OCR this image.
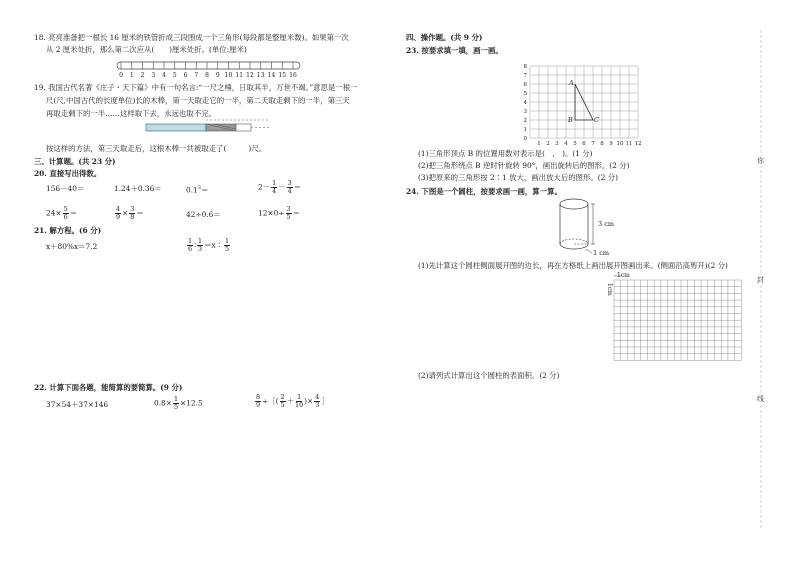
18. 亮亮准备把一根长 16 厘米的铁管折成三段围成一个三角形(每段都是整厘米数)。如果第一次
从 2 厘米处折，那么第二次应从(　　)厘米处折。(单位:厘米)
0 1 2 3 4 5 6 7 8 9 10 11 12 13 14 15 16
19. 我国古代名著《庄子・天下篇》中有一句名言:“一尺之棰，日取其半，万世不竭。”意思是一根一
尺(尺,中国古代的长度单位)长的木棒，第一天取走它的一半，第二天取走剩下的一半，第三天
再取走剩下的一半……这样取下去，永远也取不完。
按这样的方法，第三天取走后，这根木棒一共被取走了(　　　)尺。
三、计算题。(共 23 分)
20. 直接写出得数。
156－40＝	1.24＋0.36＝	$0.1^3=$	$2- \frac{1}{4} - \frac{3}{4}$ ＝
$24\times \frac{5}{6}$ ＝	$\frac{4}{9} \times \frac{3}{8}$ ＝	42÷0.6＝	$12\times 0\div \frac{3}{5}$ ＝
21. 解方程。(6 分)
x＋80%x＝7.2	$\frac{1}{6}$ ∶ $\frac{1}{3}$ ＝x∶ $\frac{1}{5}$
22. 计算下面各题，能简算的要简算。(9 分)
37×54＋37×146	$0.8\times \frac{1}{5} \times 12.5$	$\frac{8}{9}$ ÷［( $\frac{2}{5} + \frac{1}{10}$ )× $\frac{4}{3}$ ］
四、操作题。(共 9 分)
23. 按要求填一填，画一画。
1 2 3 4 5 6 7 8 9 10 11 12
0
1
2
3
4
5
6
7
8
A
B	C
(1)三角形顶点 B 的位置用数对表示是(　,　)。(1 分)
(2)把三角形绕点 B 逆时针旋转 90°，画出旋转后的图形。(2 分)
(3)把原来的三角形按 2∶1 放大，画出放大后的图形。(2 分)
24. 下图是一个圆柱，按要求画一画，算一算。
3 cm
1 cm
(1)先计算这个圆柱侧面展开图的边长，再在方格纸上画出展开图画出来。(侧面沿高剪开)(2 分)
1cm
1cm
(2)请列式计算出这个圆柱的表面积。(2 分)
你
封
线
